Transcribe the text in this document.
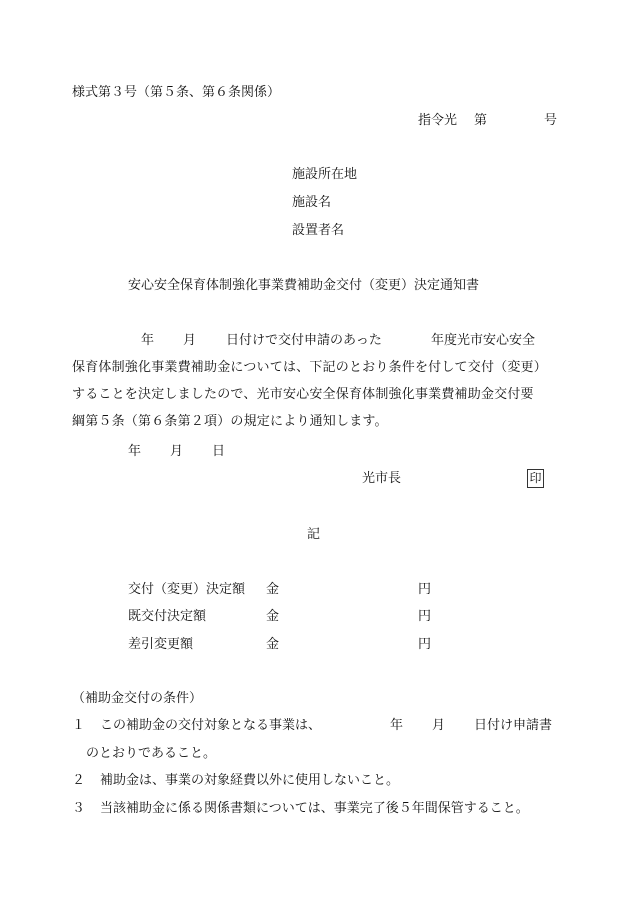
様式第３号（第５条、第６条関係）
指令光 第	号
施設所在地
施設名
設置者名
安心安全保育体制強化事業費補助金交付（変更）決定通知書
年 月 日付けで交付申請のあった	年度光市安心安全
保育体制強化事業費補助金については、下記のとおり条件を付して交付（変更）
することを決定しましたので、光市安心安全保育体制強化事業費補助金交付要
綱第５条（第６条第２項）の規定により通知します。
年 月 日
光市長	印
記
交付（変更）決定額 金	円
既交付決定額	金	円
差引変更額	金	円
（補助金交付の条件）
１ この補助金の交付対象となる事業は、	年 月 日付け申請書
のとおりであること。
２ 補助金は、事業の対象経費以外に使用しないこと。
３ 当該補助金に係る関係書類については、事業完了後５年間保管すること。
